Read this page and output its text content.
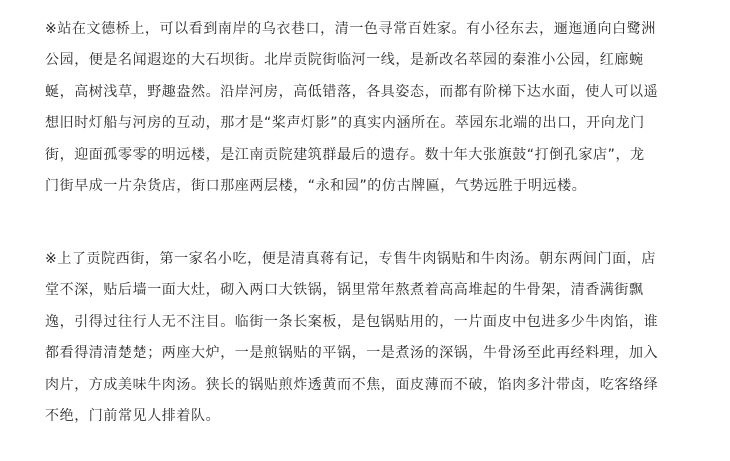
※站在文德桥上，可以看到南岸的乌衣巷口，清一色寻常百姓家。有小径东去，逦迤通向白鹭洲
公园，便是名闻遐迩的大石坝街。北岸贡院街临河一线，是新改名萃园的秦淮小公园，红廊蜿
蜒，高树浅草，野趣盎然。沿岸河房，高低错落，各具姿态，而都有阶梯下达水面，使人可以遥
想旧时灯船与河房的互动，那才是“桨声灯影”的真实内涵所在。萃园东北端的出口，开向龙门
街，迎面孤零零的明远楼，是江南贡院建筑群最后的遗存。数十年大张旗鼓“打倒孔家店”，龙
门街早成一片杂货店，街口那座两层楼，“永和园”的仿古牌匾，气势远胜于明远楼。
※上了贡院西街，第一家名小吃，便是清真蒋有记，专售牛肉锅贴和牛肉汤。朝东两间门面，店
堂不深，贴后墙一面大灶，砌入两口大铁锅，锅里常年熬煮着高高堆起的牛骨架，清香满街飘
逸，引得过往行人无不注目。临街一条长案板，是包锅贴用的，一片面皮中包进多少牛肉馅，谁
都看得清清楚楚；两座大炉，一是煎锅贴的平锅，一是煮汤的深锅，牛骨汤至此再经料理，加入
肉片，方成美味牛肉汤。狭长的锅贴煎炸透黄而不焦，面皮薄而不破，馅肉多汁带卤，吃客络绎
不绝，门前常见人排着队。
